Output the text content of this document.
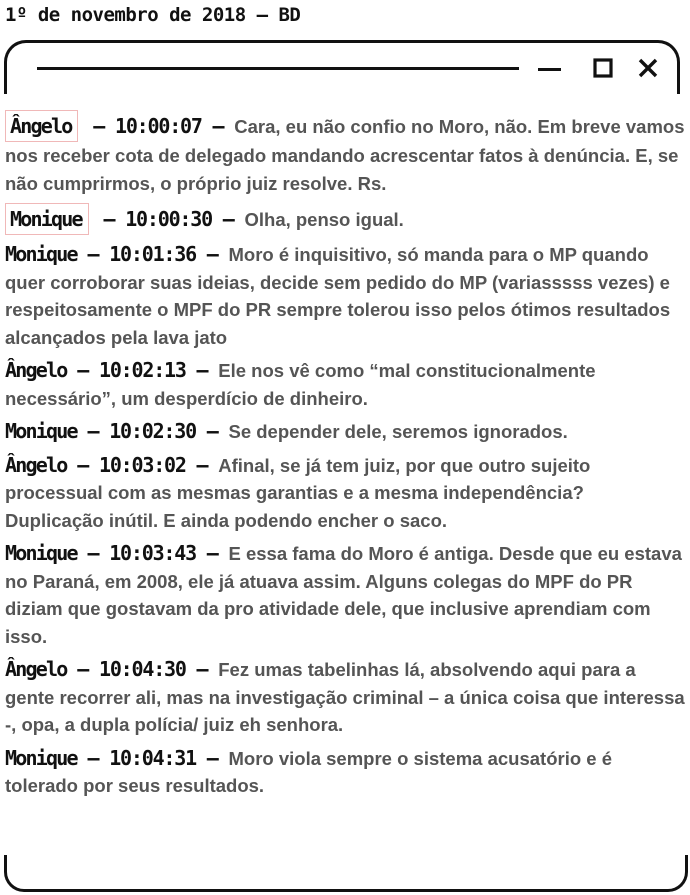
1º de novembro de 2018 – BD

Ângelo – 10:00:07 – Cara, eu não confio no Moro, não. Em breve vamos nos receber cota de delegado mandando acrescentar fatos à denúncia. E, se não cumprirmos, o próprio juiz resolve. Rs.

Monique – 10:00:30 – Olha, penso igual.

Monique – 10:01:36 – Moro é inquisitivo, só manda para o MP quando quer corroborar suas ideias, decide sem pedido do MP (variasssss vezes) e respeitosamente o MPF do PR sempre tolerou isso pelos ótimos resultados alcançados pela lava jato

Ângelo – 10:02:13 – Ele nos vê como “mal constitucionalmente necessário”, um desperdício de dinheiro.

Monique – 10:02:30 – Se depender dele, seremos ignorados.

Ângelo – 10:03:02 – Afinal, se já tem juiz, por que outro sujeito processual com as mesmas garantias e a mesma independência? Duplicação inútil. E ainda podendo encher o saco.

Monique – 10:03:43 – E essa fama do Moro é antiga. Desde que eu estava no Paraná, em 2008, ele já atuava assim. Alguns colegas do MPF do PR diziam que gostavam da pro atividade dele, que inclusive aprendiam com isso.

Ângelo – 10:04:30 – Fez umas tabelinhas lá, absolvendo aqui para a gente recorrer ali, mas na investigação criminal – a única coisa que interessa -, opa, a dupla polícia/ juiz eh senhora.

Monique – 10:04:31 – Moro viola sempre o sistema acusatório e é tolerado por seus resultados.
